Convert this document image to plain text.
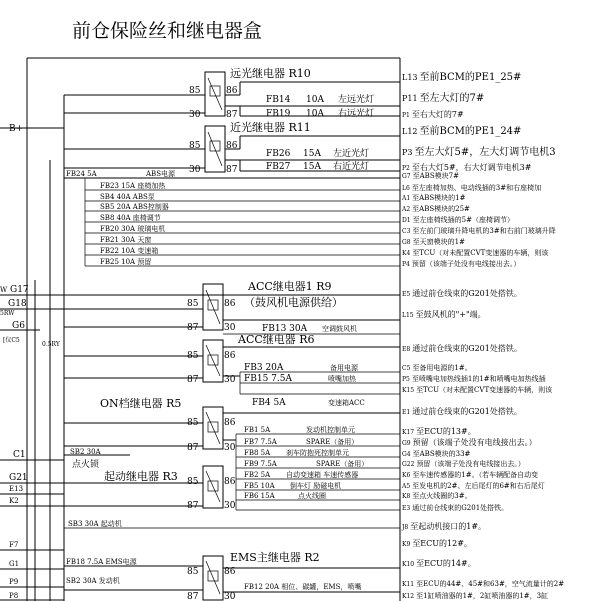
前仓保险丝和继电器盒
B+
W G17
G18
5RW
G6
[仪C5
0.5RY
C1
G21
E13
K2
F7
G1
P9
P8
远光继电器 R10
85	86
30	87
FB14 10A 左远光灯
FB19 10A 右远光灯
近光继电器 R11
85	86
30	87
FB26 15A 左近光灯
FB27 15A 右近光灯
FB24 5A	ABS电源
FB23 15A 座椅加热
SB4 40A ABS泵
SB5 20A ABS控制器
SB8 40A 座椅调节
FB20 30A 玻璃电机
FB21 30A 天窗
FB22 10A 变速箱
FB25 10A 预留
ACC继电器1 R9
（鼓风机电源供给）
85	86
87	30	FB13 30A 空调鼓风机
ACC继电器 R6
85	86
87	30
FB3 20A	备用电源
FB15 7.5A	喷嘴加热
FB4 5A	变速箱ACC
ON档继电器 R5
85	86
87	30
FB1 5A	发动机控制单元
FB7 7.5A	SPARE（备用）
FB8 5A 刹车防抱死控制单元
FB9 7.5A	SPARE（备用）
FB2 5A 自动变速箱 车速传感器
FB5 10A 倒车灯 励磁电机
FB6 15A	点火线圈
SB2 30A
点火锁
起动继电器 R3 85	86
87	30
SB3 30A 起动机
EMS主继电器 R2
85	86
87	30
FB18 7.5A EMS电源
SB2 30A 发动机
FB12 20A 相位、碳罐，EMS，喷嘴
L13 至前BCM的PE1_25#
P11 至左大灯的7#
P1 至右大灯的7#
L12 至前BCM的PE1_24#
P3 至左大灯5#，左大灯调节电机3
P2 至右大灯5#，右大灯调节电机3#
G7 至ABS模块7#
L6 至左座椅加热、电动线插的3#和右座椅加
A1 至ABS模块的1#
A2 至ABS模块的25#
D1 至左座椅线插的5#（座椅调节）
C3 至左前门玻璃升降电机的3#和右前门玻璃升降
G8 至天窗模块的1#
K4 至TCU（对未配置CVT变速器的车辆，则该
P4 预留（该端子处没有电线接出去。）
E5 通过前仓线束的G201处搭铁。
L15 至鼓风机的"+"端。
E8 通过前仓线束的G201处搭铁。
C5 至备用电源的1#。
P5 至喷嘴电加热线插1的1#和喷嘴电加热线插
K15 至TCU（对未配置CVT变速器的车辆，则该
E1 通过前仓线束的G201处搭铁。
K17 至ECU的13#。
G9 预留（该端子处没有电线接出去。）
G4 至ABS模块的33#
G22 预留（该端子处没有电线接出去。）
K6 至车速传感器的1#。（若车辆配备自动变
A5 至发电机的2#、左后尾灯的6#和右后尾灯
K8 至点火线圈的3#。
E3 通过前仓线束的G201处搭铁。
J8 至起动机接口的1#。
K9 至ECU的12#。
K10 至ECU的14#。
K11 至ECU的44#、45#和63#，空气流量计的2#
K12 至1缸喷油器的1#，2缸喷油器的1#，3缸
